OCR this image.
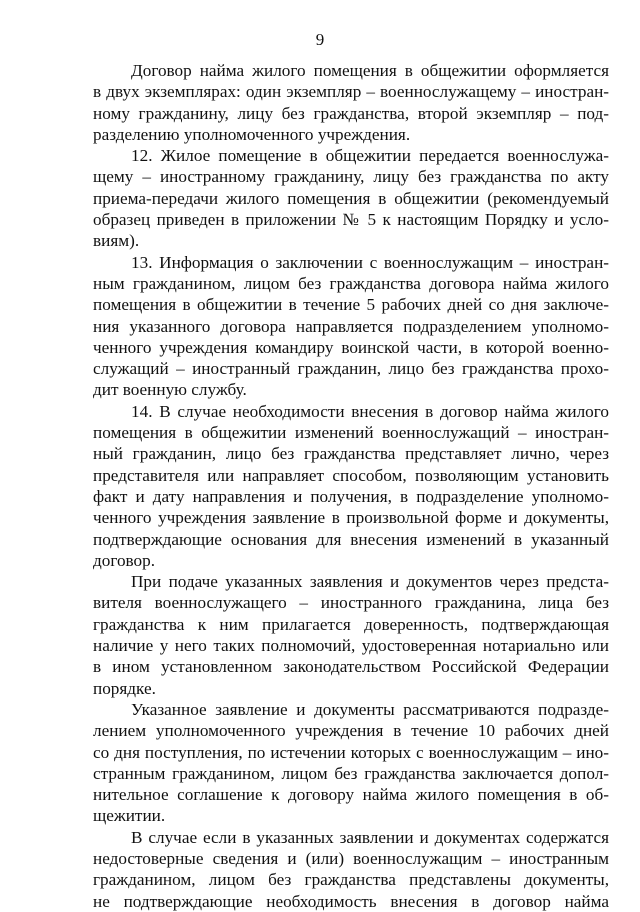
9
Договор найма жилого помещения в общежитии оформляется
в двух экземплярах: один экземпляр – военнослужащему – иностран-
ному гражданину, лицу без гражданства, второй экземпляр – под-
разделению уполномоченного учреждения.
12. Жилое помещение в общежитии передается военнослужа-
щему – иностранному гражданину, лицу без гражданства по акту
приема-передачи жилого помещения в общежитии (рекомендуемый
образец приведен в приложении № 5 к настоящим Порядку и усло-
виям).
13. Информация о заключении с военнослужащим – иностран-
ным гражданином, лицом без гражданства договора найма жилого
помещения в общежитии в течение 5 рабочих дней со дня заключе-
ния указанного договора направляется подразделением уполномо-
ченного учреждения командиру воинской части, в которой военно-
служащий – иностранный гражданин, лицо без гражданства прохо-
дит военную службу.
14. В случае необходимости внесения в договор найма жилого
помещения в общежитии изменений военнослужащий – иностран-
ный гражданин, лицо без гражданства представляет лично, через
представителя или направляет способом, позволяющим установить
факт и дату направления и получения, в подразделение уполномо-
ченного учреждения заявление в произвольной форме и документы,
подтверждающие основания для внесения изменений в указанный
договор.
При подаче указанных заявления и документов через предста-
вителя военнослужащего – иностранного гражданина, лица без
гражданства к ним прилагается доверенность, подтверждающая
наличие у него таких полномочий, удостоверенная нотариально или
в ином установленном законодательством Российской Федерации
порядке.
Указанное заявление и документы рассматриваются подразде-
лением уполномоченного учреждения в течение 10 рабочих дней
со дня поступления, по истечении которых с военнослужащим – ино-
странным гражданином, лицом без гражданства заключается допол-
нительное соглашение к договору найма жилого помещения в об-
щежитии.
В случае если в указанных заявлении и документах содержатся
недостоверные сведения и (или) военнослужащим – иностранным
гражданином, лицом без гражданства представлены документы,
не подтверждающие необходимость внесения в договор найма
